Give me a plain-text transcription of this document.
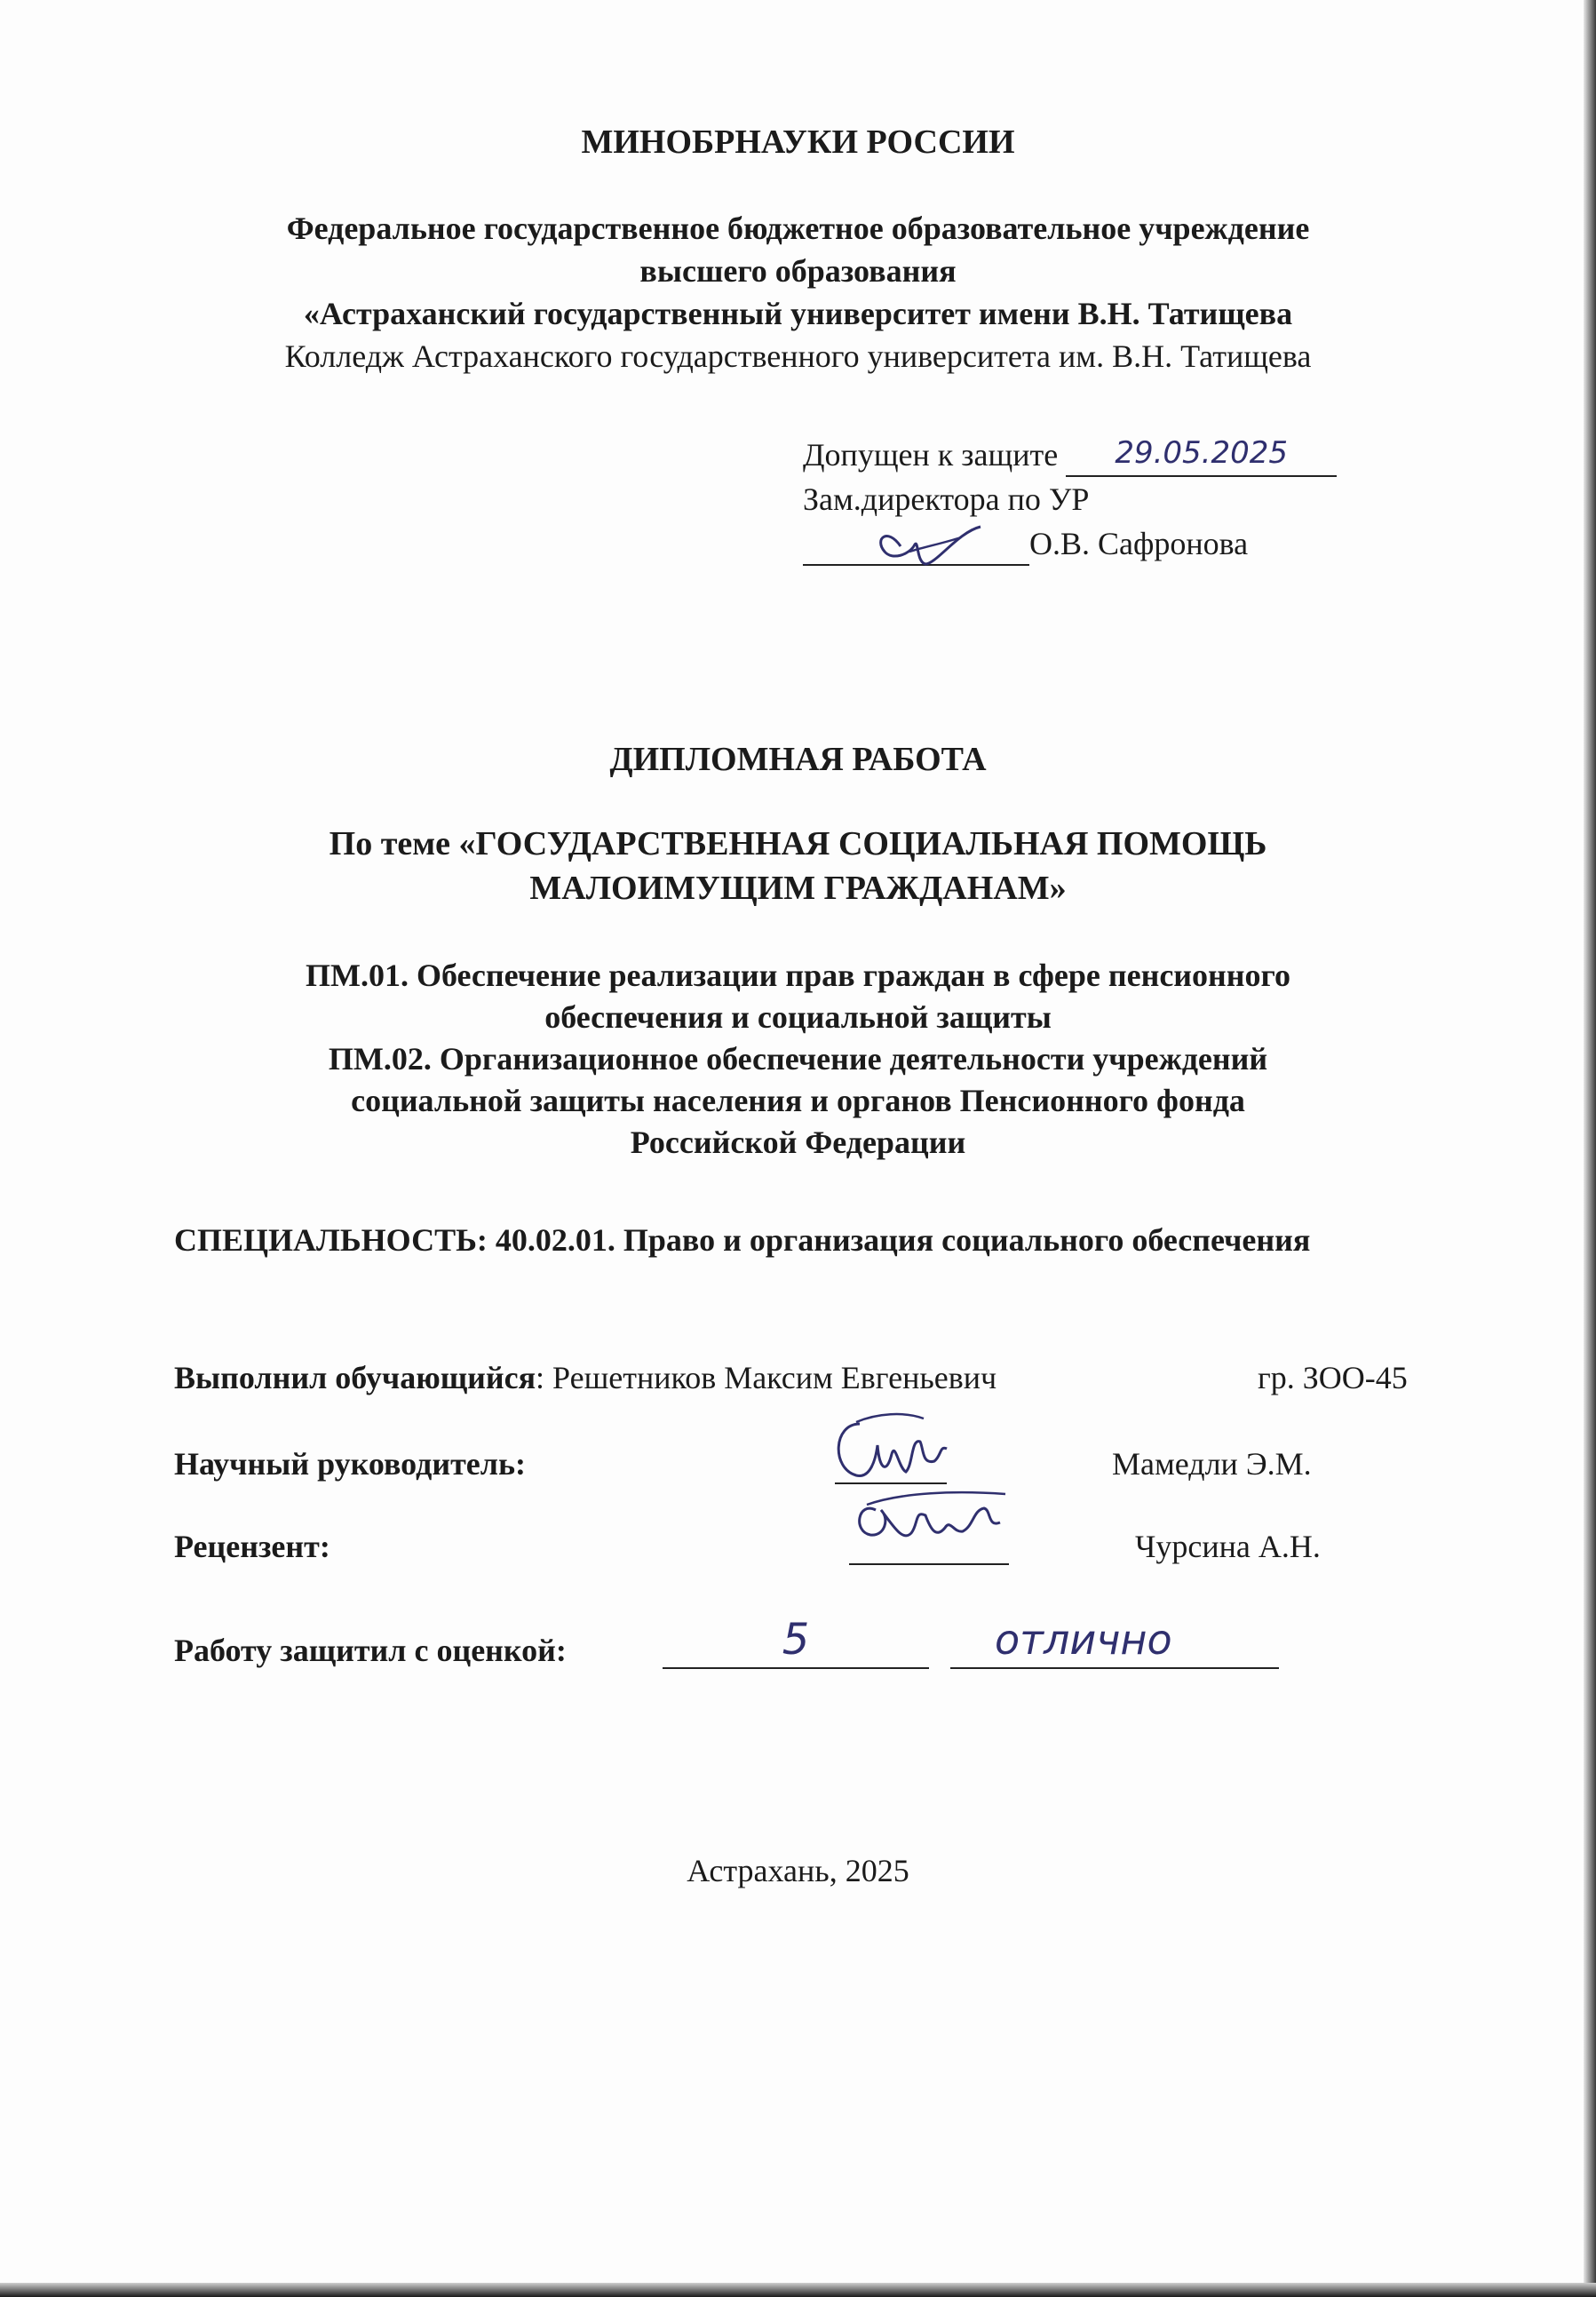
МИНОБРНАУКИ РОССИИ
Федеральное государственное бюджетное образовательное учреждение
высшего образования
«Астраханский государственный университет имени В.Н. Татищева
Колледж Астраханского государственного университета им. В.Н. Татищева
Допущен к защите 29.05.2025
Зам.директора по УР
О.В. Сафронова
ДИПЛОМНАЯ РАБОТА
По теме «ГОСУДАРСТВЕННАЯ СОЦИАЛЬНАЯ ПОМОЩЬ
МАЛОИМУЩИМ ГРАЖДАНАМ»
ПМ.01. Обеспечение реализации прав граждан в сфере пенсионного
обеспечения и социальной защиты
ПМ.02. Организационное обеспечение деятельности учреждений
социальной защиты населения и органов Пенсионного фонда
Российской Федерации
СПЕЦИАЛЬНОСТЬ: 40.02.01. Право и организация социального обеспечения
Выполнил обучающийся: Решетников Максим Евгеньевич	гр. ЗОО-45
Научный руководитель:	Мамедли Э.М.
Рецензент:	Чурсина А.Н.
Работу защитил с оценкой:	5	отлично
Астрахань, 2025
